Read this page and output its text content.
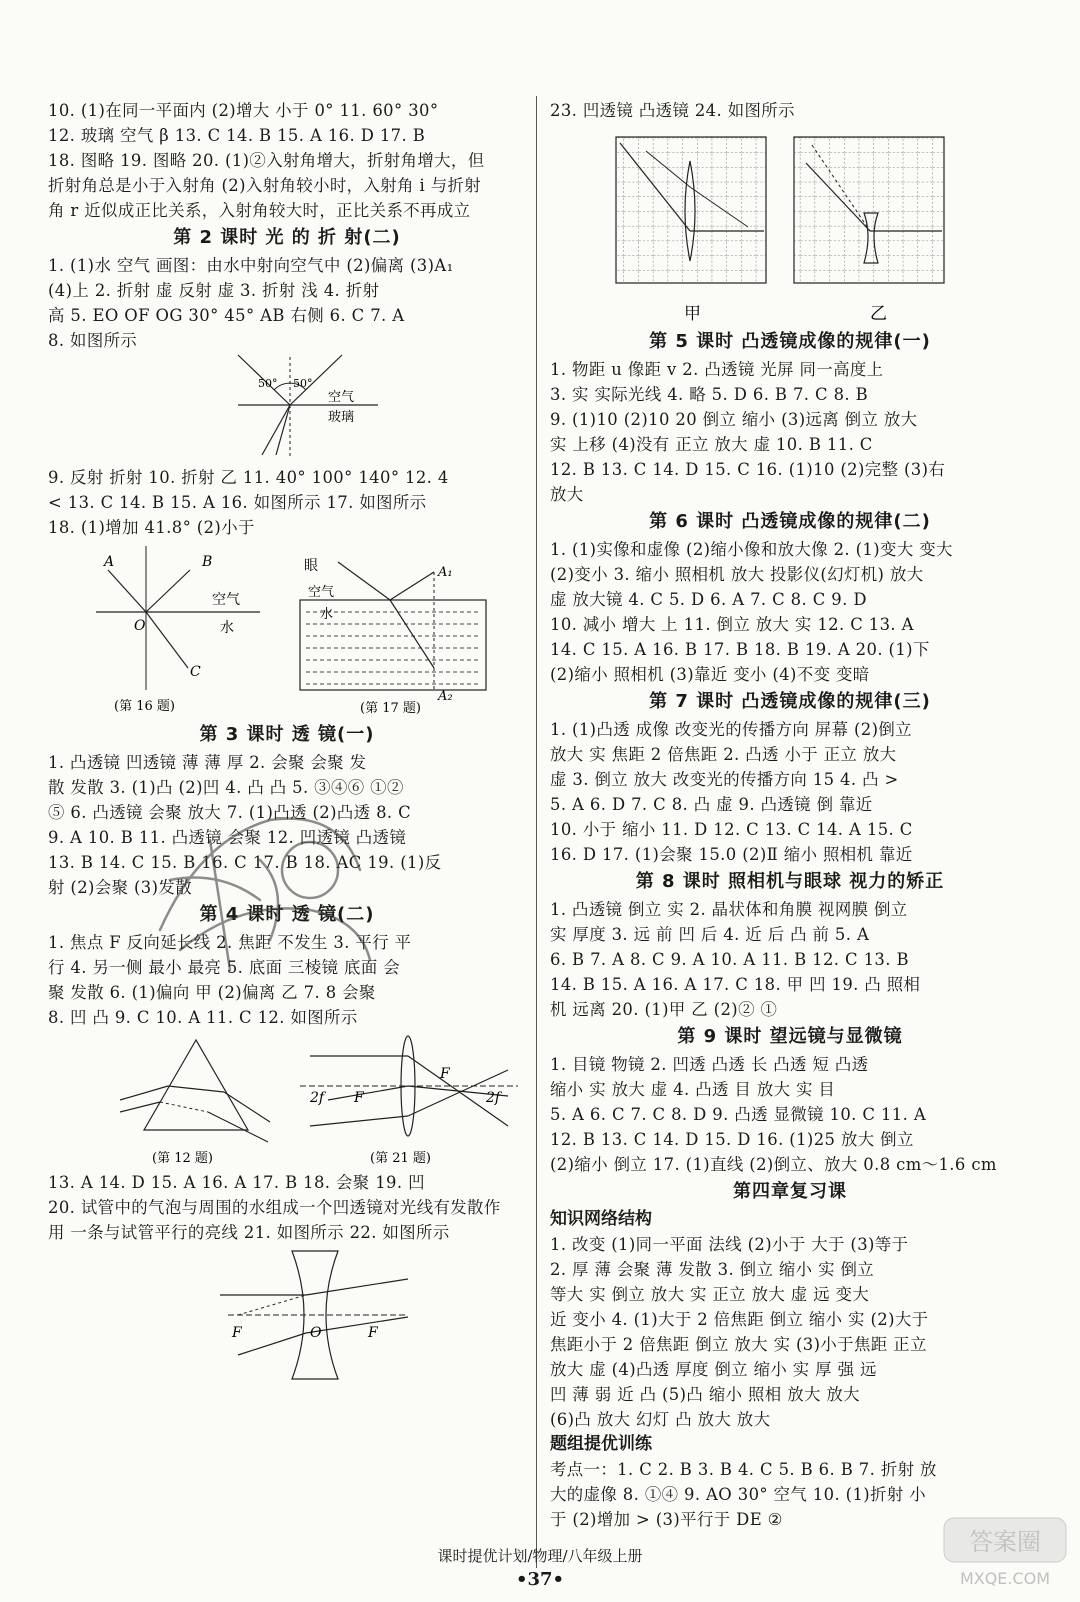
10. (1)在同一平面内 (2)增大 小于 0° 11. 60° 30°
12. 玻璃 空气 β 13. C 14. B 15. A 16. D 17. B
18. 图略 19. 图略 20. (1)②入射角增大，折射角增大，但
折射角总是小于入射角 (2)入射角较小时，入射角 i 与折射
角 r 近似成正比关系，入射角较大时，正比关系不再成立
第 2 课时 光 的 折 射(二)
1. (1)水 空气 画图：由水中射向空气中 (2)偏离 (3)A₁
(4)上 2. 折射 虚 反射 虚 3. 折射 浅 4. 折射
高 5. EO OF OG 30° 45° AB 右侧 6. C 7. A
8. 如图所示
50° 50°
空气
玻璃
9. 反射 折射 10. 折射 乙 11. 40° 100° 140° 12. 4
< 13. C 14. B 15. A 16. 如图所示 17. 如图所示
18. (1)增加 41.8° (2)小于
A	B
O
C
空气
水
(第 16 题)
眼
空气
水
A₁
A₂
(第 17 题)
第 3 课时 透 镜(一)
1. 凸透镜 凹透镜 薄 薄 厚 2. 会聚 会聚 发
散 发散 3. (1)凸 (2)凹 4. 凸 凸 5. ③④⑥ ①②
⑤ 6. 凸透镜 会聚 放大 7. (1)凸透 (2)凸透 8. C
9. A 10. B 11. 凸透镜 会聚 12. 凹透镜 凸透镜
13. B 14. C 15. B 16. C 17. B 18. AC 19. (1)反
射 (2)会聚 (3)发散
第 4 课时 透 镜(二)
1. 焦点 F 反向延长线 2. 焦距 不发生 3. 平行 平
行 4. 另一侧 最小 最亮 5. 底面 三棱镜 底面 会
聚 发散 6. (1)偏向 甲 (2)偏离 乙 7. 8 会聚
8. 凹 凸 9. C 10. A 11. C 12. 如图所示
(第 12 题)
2f F
F
2f
(第 21 题)
13. A 14. D 15. A 16. A 17. B 18. 会聚 19. 凹
20. 试管中的气泡与周围的水组成一个凹透镜对光线有发散作
用 一条与试管平行的亮线 21. 如图所示 22. 如图所示
F	O	F
23. 凹透镜 凸透镜 24. 如图所示
甲	乙
第 5 课时 凸透镜成像的规律(一)
1. 物距 u 像距 v 2. 凸透镜 光屏 同一高度上
3. 实 实际光线 4. 略 5. D 6. B 7. C 8. B
9. (1)10 (2)10 20 倒立 缩小 (3)远离 倒立 放大
实 上移 (4)没有 正立 放大 虚 10. B 11. C
12. B 13. C 14. D 15. C 16. (1)10 (2)完整 (3)右
放大
第 6 课时 凸透镜成像的规律(二)
1. (1)实像和虚像 (2)缩小像和放大像 2. (1)变大 变大
(2)变小 3. 缩小 照相机 放大 投影仪(幻灯机) 放大
虚 放大镜 4. C 5. D 6. A 7. C 8. C 9. D
10. 减小 增大 上 11. 倒立 放大 实 12. C 13. A
14. C 15. A 16. B 17. B 18. B 19. A 20. (1)下
(2)缩小 照相机 (3)靠近 变小 (4)不变 变暗
第 7 课时 凸透镜成像的规律(三)
1. (1)凸透 成像 改变光的传播方向 屏幕 (2)倒立
放大 实 焦距 2 倍焦距 2. 凸透 小于 正立 放大
虚 3. 倒立 放大 改变光的传播方向 15 4. 凸 >
5. A 6. D 7. C 8. 凸 虚 9. 凸透镜 倒 靠近
10. 小于 缩小 11. D 12. C 13. C 14. A 15. C
16. D 17. (1)会聚 15.0 (2)Ⅱ 缩小 照相机 靠近
第 8 课时 照相机与眼球 视力的矫正
1. 凸透镜 倒立 实 2. 晶状体和角膜 视网膜 倒立
实 厚度 3. 远 前 凹 后 4. 近 后 凸 前 5. A
6. B 7. A 8. C 9. A 10. A 11. B 12. C 13. B
14. B 15. A 16. A 17. C 18. 甲 凹 19. 凸 照相
机 远离 20. (1)甲 乙 (2)② ①
第 9 课时 望远镜与显微镜
1. 目镜 物镜 2. 凹透 凸透 长 凸透 短 凸透
缩小 实 放大 虚 4. 凸透 目 放大 实 目
5. A 6. C 7. C 8. D 9. 凸透 显微镜 10. C 11. A
12. B 13. C 14. D 15. D 16. (1)25 放大 倒立
(2)缩小 倒立 17. (1)直线 (2)倒立、放大 0.8 cm～1.6 cm
第四章复习课
知识网络结构
1. 改变 (1)同一平面 法线 (2)小于 大于 (3)等于
2. 厚 薄 会聚 薄 发散 3. 倒立 缩小 实 倒立
等大 实 倒立 放大 实 正立 放大 虚 远 变大
近 变小 4. (1)大于 2 倍焦距 倒立 缩小 实 (2)大于
焦距小于 2 倍焦距 倒立 放大 实 (3)小于焦距 正立
放大 虚 (4)凸透 厚度 倒立 缩小 实 厚 强 远
凹 薄 弱 近 凸 (5)凸 缩小 照相 放大 放大
(6)凸 放大 幻灯 凸 放大 放大
题组提优训练
考点一：1. C 2. B 3. B 4. C 5. B 6. B 7. 折射 放
大的虚像 8. ①④ 9. AO 30° 空气 10. (1)折射 小
于 (2)增加 > (3)平行于 DE ②
答案圈
MXQE.COM
课时提优计划/物理/八年级上册
•37•
